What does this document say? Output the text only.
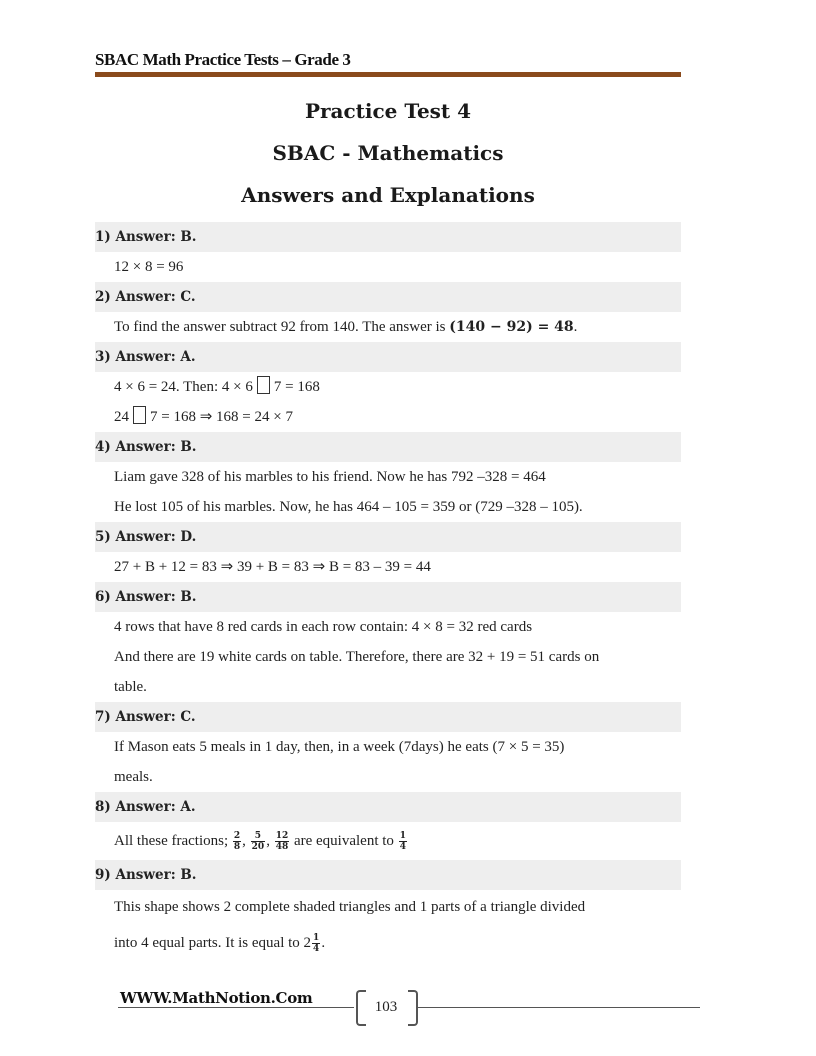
SBAC Math Practice Tests – Grade 3
Practice Test 4
SBAC - Mathematics
Answers and Explanations
1) Answer: B.
12 × 8 = 96
2) Answer: C.
To find the answer subtract 92 from 140. The answer is (140 − 92) = 48.
3) Answer: A.
4 × 6 = 24. Then: 4 × 6 7 = 168
24 7 = 168 ⇒ 168 = 24 × 7
4) Answer: B.
Liam gave 328 of his marbles to his friend. Now he has 792 –328 = 464
He lost 105 of his marbles. Now, he has 464 – 105 = 359 or (729 –328 – 105).
5) Answer: D.
27 + B + 12 = 83 ⇒ 39 + B = 83 ⇒ B = 83 – 39 = 44
6) Answer: B.
4 rows that have 8 red cards in each row contain: 4 × 8 = 32 red cards
And there are 19 white cards on table. Therefore, there are 32 + 19 = 51 cards on
table.
7) Answer: C.
If Mason eats 5 meals in 1 day, then, in a week (7days) he eats (7 × 5 = 35)
meals.
8) Answer: A.
All these fractions; $\frac{2}{8}$ , $\frac{5}{20}$ , $\frac{12}{48}$ are equivalent to $\frac{1}{4}$
9) Answer: B.
This shape shows 2 complete shaded triangles and 1 parts of a triangle divided
into 4 equal parts. It is equal to $2 \frac{1}{4}$ .
WWW.MathNotion.Com	103
